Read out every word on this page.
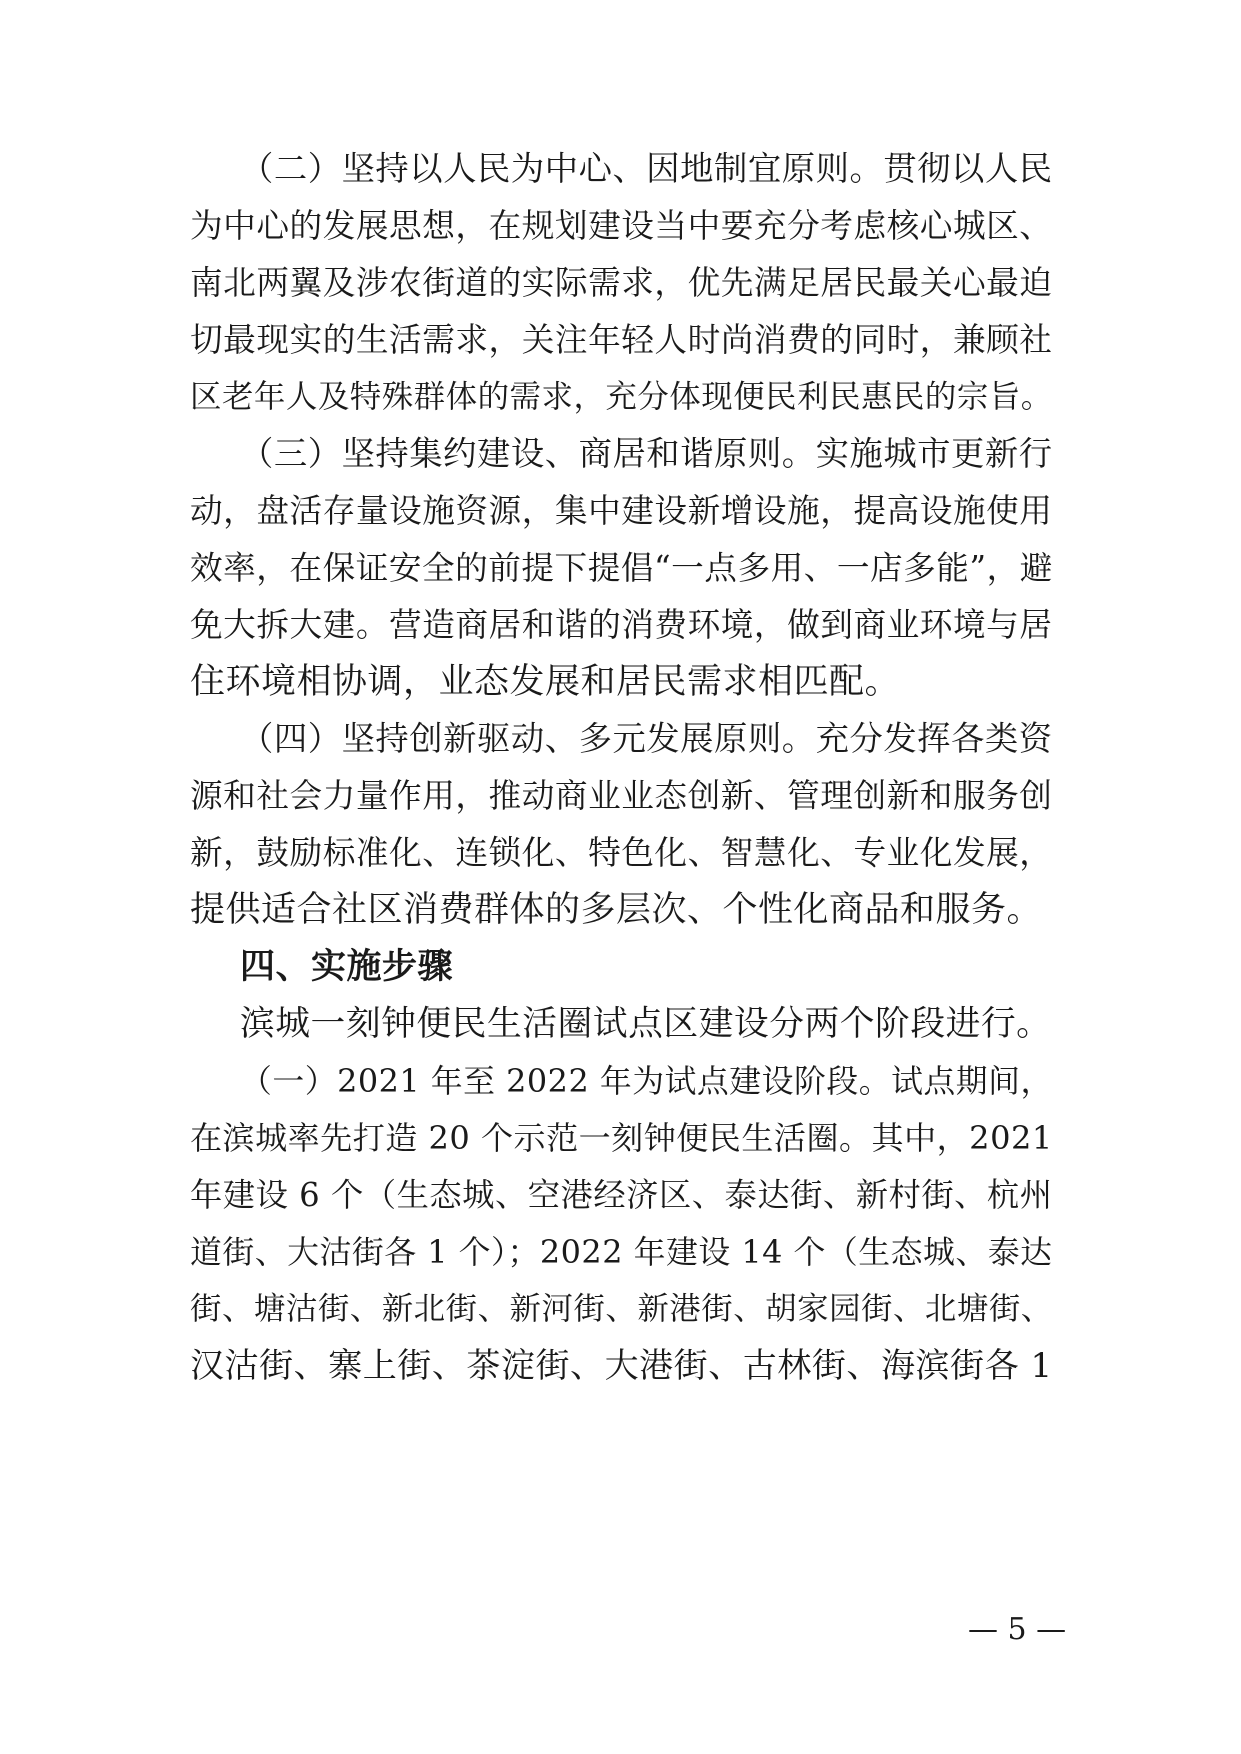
（二）坚持以人民为中心、因地制宜原则。贯彻以人民
为中心的发展思想，在规划建设当中要充分考虑核心城区、
南北两翼及涉农街道的实际需求，优先满足居民最关心最迫
切最现实的生活需求，关注年轻人时尚消费的同时，兼顾社
区老年人及特殊群体的需求，充分体现便民利民惠民的宗旨。
（三）坚持集约建设、商居和谐原则。实施城市更新行
动，盘活存量设施资源，集中建设新增设施，提高设施使用
效率，在保证安全的前提下提倡“一点多用、一店多能”，避
免大拆大建。营造商居和谐的消费环境，做到商业环境与居
住环境相协调，业态发展和居民需求相匹配。
（四）坚持创新驱动、多元发展原则。充分发挥各类资
源和社会力量作用，推动商业业态创新、管理创新和服务创
新，鼓励标准化、连锁化、特色化、智慧化、专业化发展，
提供适合社区消费群体的多层次、个性化商品和服务。
四、实施步骤
滨城一刻钟便民生活圈试点区建设分两个阶段进行。
（一）2021 年至 2022 年为试点建设阶段。试点期间，
在滨城率先打造 20 个示范一刻钟便民生活圈。其中，2021
年建设 6 个（生态城、空港经济区、泰达街、新村街、杭州
道街、大沽街各 1 个）；2022 年建设 14 个（生态城、泰达
街、塘沽街、新北街、新河街、新港街、胡家园街、北塘街、
汉沽街、寨上街、茶淀街、大港街、古林街、海滨街各 1
— 5 —
